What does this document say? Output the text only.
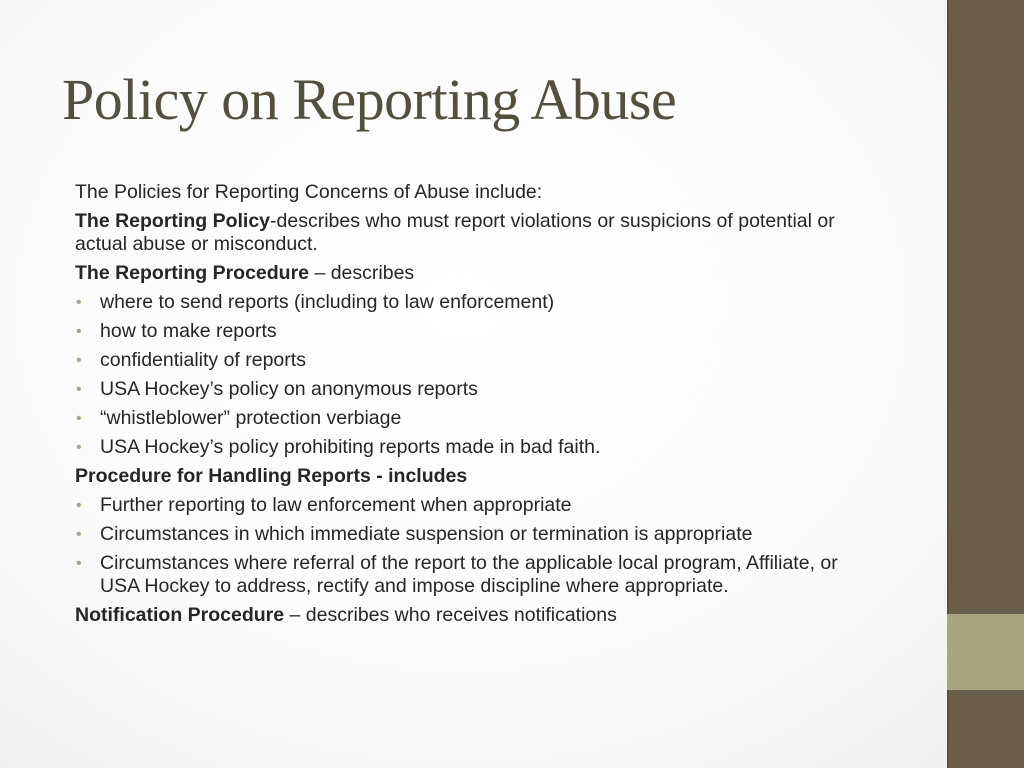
Policy on Reporting Abuse

The Policies for Reporting Concerns of Abuse include:

The Reporting Policy-describes who must report violations or suspicions of potential or actual abuse or misconduct.

The Reporting Procedure – describes

• where to send reports (including to law enforcement)
• how to make reports
• confidentiality of reports
• USA Hockey’s policy on anonymous reports
• “whistleblower” protection verbiage
• USA Hockey’s policy prohibiting reports made in bad faith.

Procedure for Handling Reports - includes

• Further reporting to law enforcement when appropriate
• Circumstances in which immediate suspension or termination is appropriate
• Circumstances where referral of the report to the applicable local program, Affiliate, or USA Hockey to address, rectify and impose discipline where appropriate.

Notification Procedure – describes who receives notifications
